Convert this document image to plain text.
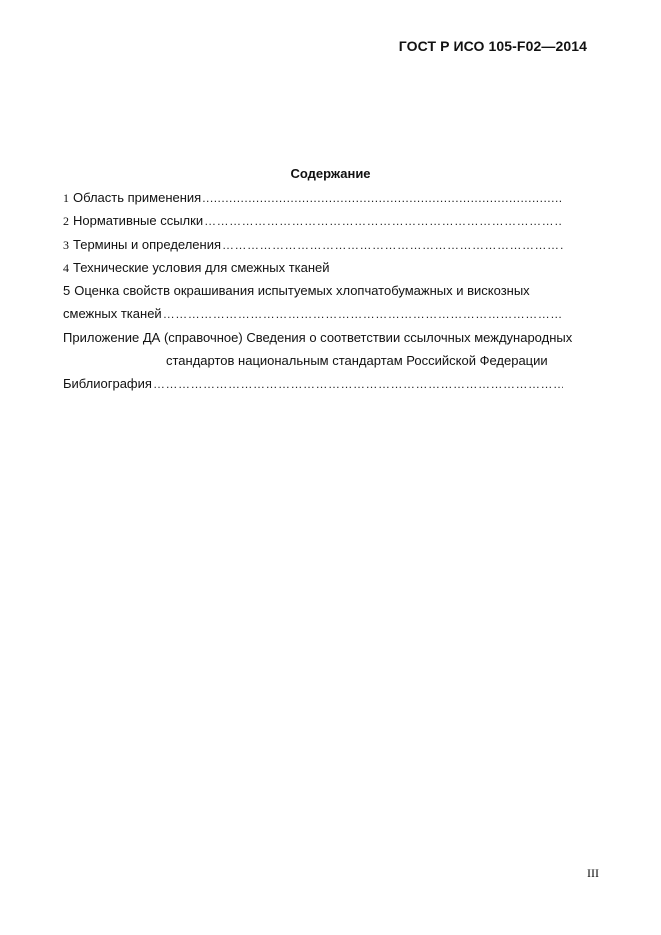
ГОСТ Р ИСО 105-F02—2014
Содержание
1 Область применения
.....
2 Нормативные ссылки
……………………………………………………………………………………………………………………………………………………………………
3 Термины и определения
……………………………………………………………………………………………………………………………………………………………………
4 Технические условия для смежных тканей
5 Оценка свойств окрашивания испытуемых хлопчатобумажных и вискозных
смежных тканей
……………………………………………………………………………………………………………………………………………………………………
Приложение ДА (справочное) Сведения о соответствии ссылочных международных
стандартов национальным стандартам Российской Федерации
Библиография
……………………………………………………………………………………………………………………………………………………………………
III
